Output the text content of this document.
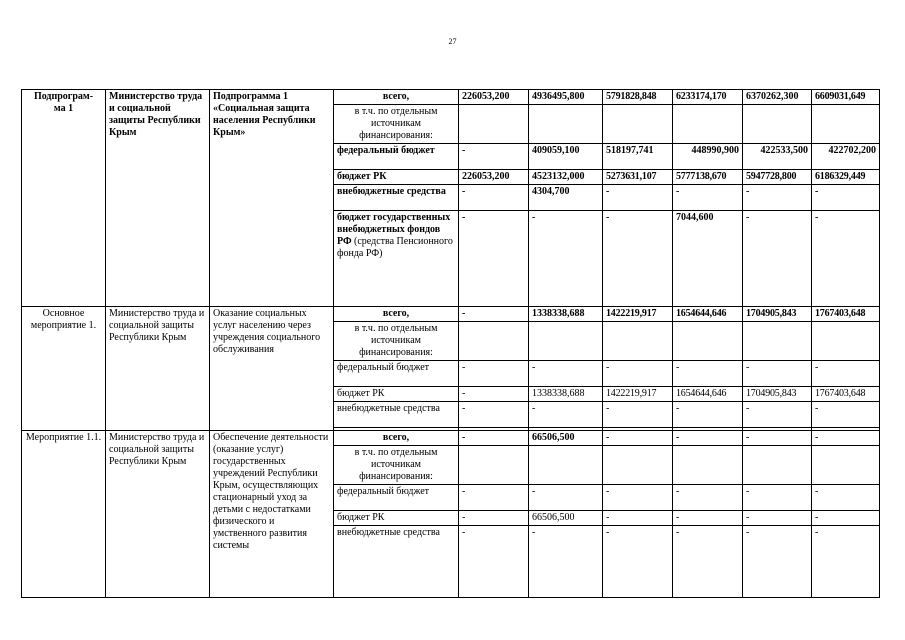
27
Подпрограм-
ма 1	Министерство труда и социальной защиты Республики Крым	Подпрограмма 1 «Социальная защита населения Республики Крым»	всего,	226053,200	4936495,800	5791828,848	6233174,170	6370262,300	6609031,649
			в т.ч. по отдельным источникам финансирования:						
			федеральный бюджет	-	409059,100	518197,741	448990,900	422533,500	422702,200
			бюджет РК	226053,200	4523132,000	5273631,107	5777138,670	5947728,800	6186329,449
			внебюджетные средства	-	4304,700	-	-	-	-
			бюджет государственных внебюджетных фондов РФ (средства Пенсионного фонда РФ)	-	-	-	7044,600	-	-
Основное мероприятие 1.	Министерство труда и социальной защиты Республики Крым	Оказание социальных услуг населению через учреждения социального обслуживания	всего,	-	1338338,688	1422219,917	1654644,646	1704905,843	1767403,648
			в т.ч. по отдельным источникам финансирования:						
			федеральный бюджет	-	-	-	-	-	-
			бюджет РК	-	1338338,688	1422219,917	1654644,646	1704905,843	1767403,648
			внебюджетные средства	-	-	-	-	-	-

Мероприятие 1.1.	Министерство труда и социальной защиты Республики Крым	Обеспечение деятельности (оказание услуг) государственных учреждений Республики Крым, осуществляющих стационарный уход за детьми с недостатками физического и умственного развития системы	всего,	-	66506,500	-	-	-	-
			в т.ч. по отдельным источникам финансирования:						
			федеральный бюджет	-	-	-	-	-	-
			бюджет РК	-	66506,500	-	-	-	-
			внебюджетные средства	-	-	-	-	-	-
